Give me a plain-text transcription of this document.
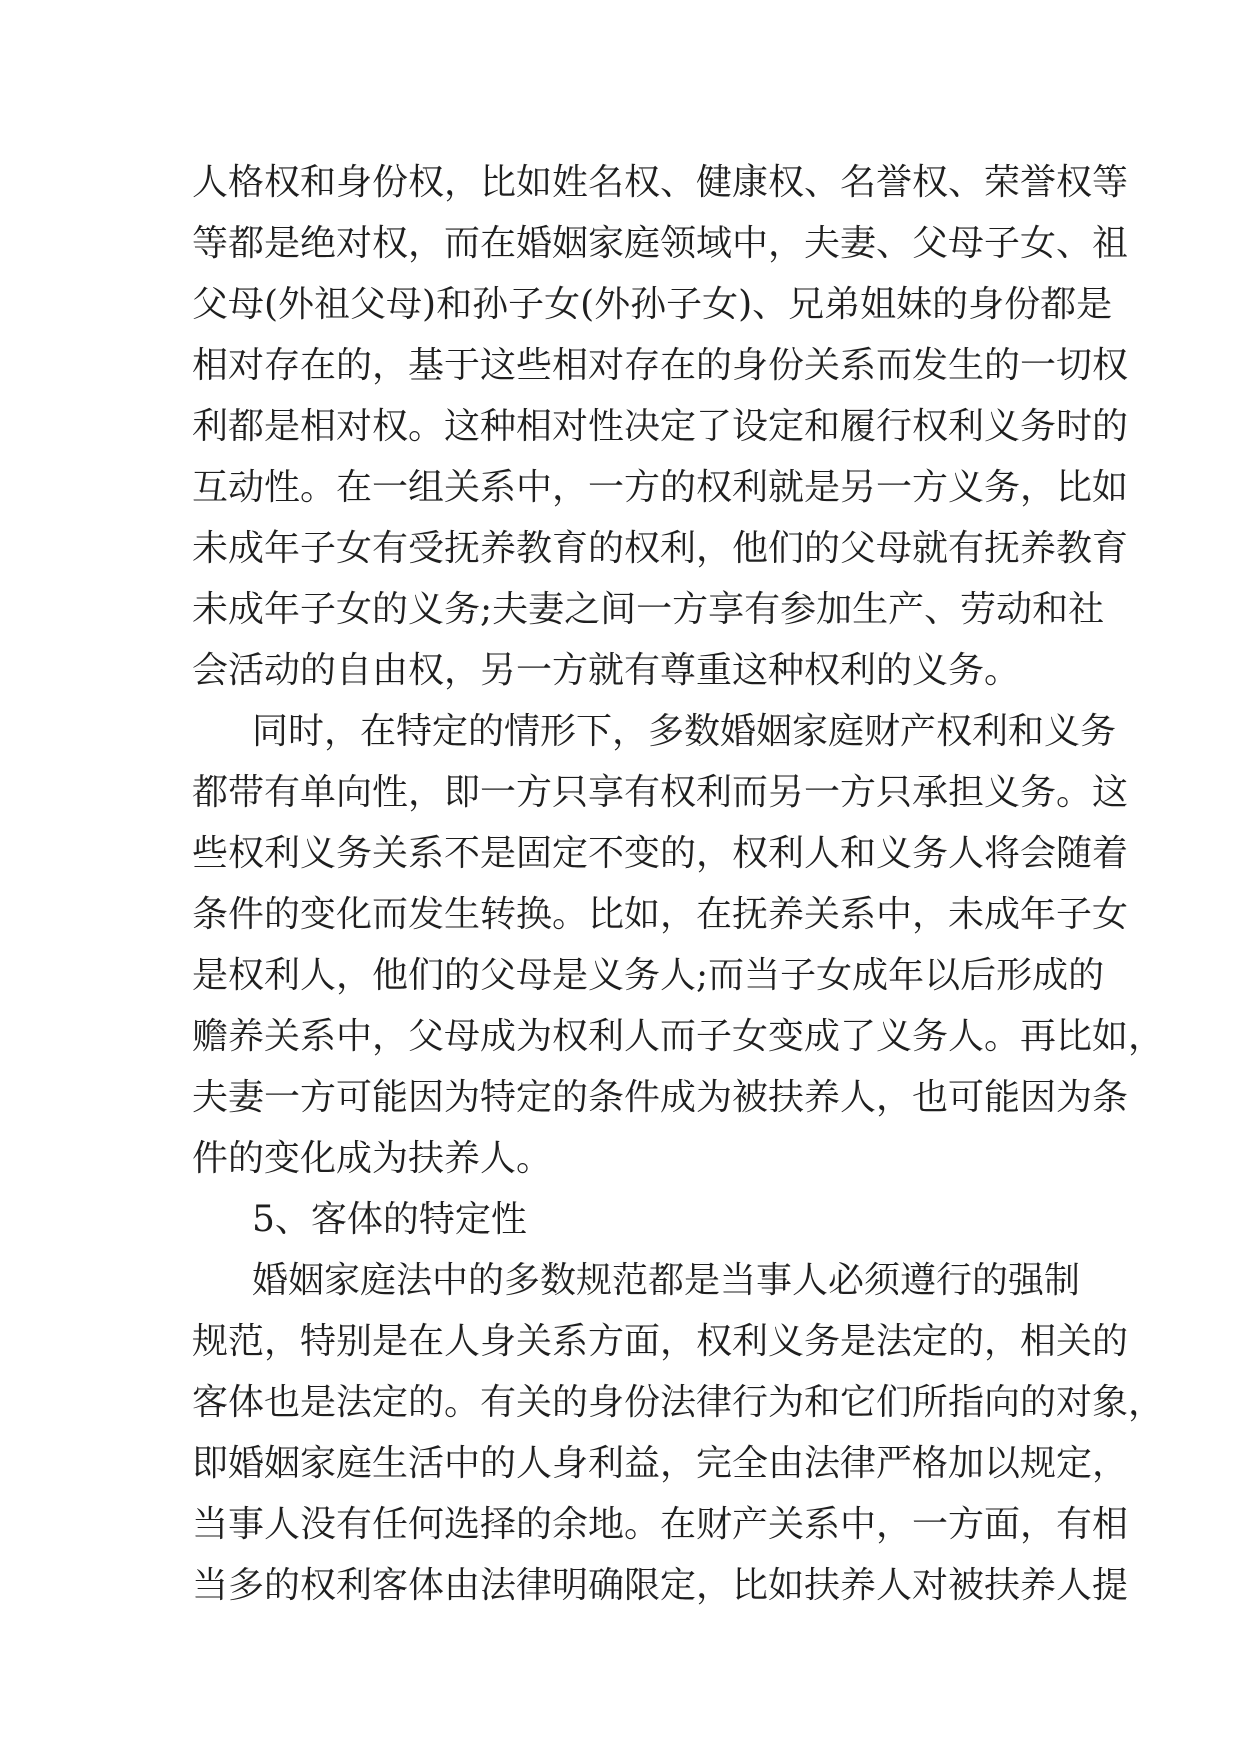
人格权和身份权，比如姓名权、健康权、名誉权、荣誉权等
等都是绝对权，而在婚姻家庭领域中，夫妻、父母子女、祖
父母(外祖父母)和孙子女(外孙子女)、兄弟姐妹的身份都是
相对存在的，基于这些相对存在的身份关系而发生的一切权
利都是相对权。这种相对性决定了设定和履行权利义务时的
互动性。在一组关系中，一方的权利就是另一方义务，比如
未成年子女有受抚养教育的权利，他们的父母就有抚养教育
未成年子女的义务;夫妻之间一方享有参加生产、劳动和社
会活动的自由权，另一方就有尊重这种权利的义务。
同时，在特定的情形下，多数婚姻家庭财产权利和义务
都带有单向性，即一方只享有权利而另一方只承担义务。这
些权利义务关系不是固定不变的，权利人和义务人将会随着
条件的变化而发生转换。比如，在抚养关系中，未成年子女
是权利人，他们的父母是义务人;而当子女成年以后形成的
赡养关系中，父母成为权利人而子女变成了义务人。再比如，
夫妻一方可能因为特定的条件成为被扶养人，也可能因为条
件的变化成为扶养人。
5、客体的特定性
婚姻家庭法中的多数规范都是当事人必须遵行的强制
规范，特别是在人身关系方面，权利义务是法定的，相关的
客体也是法定的。有关的身份法律行为和它们所指向的对象，
即婚姻家庭生活中的人身利益，完全由法律严格加以规定，
当事人没有任何选择的余地。在财产关系中，一方面，有相
当多的权利客体由法律明确限定，比如扶养人对被扶养人提
